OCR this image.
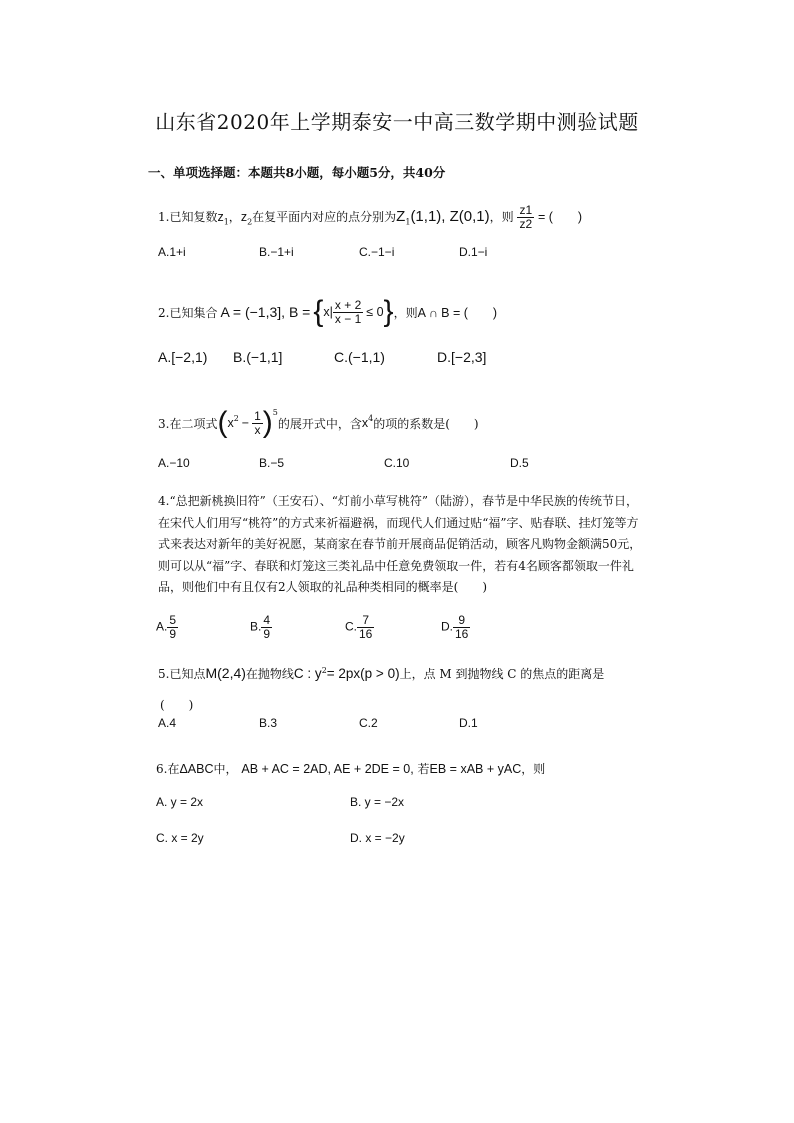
山东省2020年上学期泰安一中高三数学期中测验试题
一、单项选择题：本题共8小题，每小题5分，共40分
1.已知复数$z_1$，$z_2$在复平面内对应的点分别为$Z_1(1,1)$, Z(0,1)，则 $\frac{z1}{z2}$ = (　　)
A.1+i	B.−1+i	C.−1−i	D.1−i
2.已知集合 A = (−1,3], B = { $x| \frac{x + 2}{x - 1} \le 0$ } ，则 A ∩ B = (　　)
A.[−2,1) B.(−1,1]	C.(−1,1)	D.[−2,3]
3.在二项式 ( $x^2 - \frac{1}{x} )^5$
的展开式中，含 $x^4$ 的项的系数是(　　)
A.−10	B.−5	C.10	D.5
4.“总把新桃换旧符”（王安石）、“灯前小草写桃符”（陆游），春节是中华民族的传统节日，在宋代人们用写“桃符”的方式来祈福避祸，而现代人们通过贴“福”字、贴春联、挂灯笼等方式来表达对新年的美好祝愿，某商家在春节前开展商品促销活动，顾客凡购物金额满50元，则可以从“福”字、春联和灯笼这三类礼品中任意免费领取一件，若有4名顾客都领取一件礼品，则他们中有且仅有2人领取的礼品种类相同的概率是(　　)
A. $\frac{5}{9}$	B. $\frac{4}{9}$	C. $\frac{7}{16}$	D. $\frac{9}{16}$
5.已知点M(2,4)在抛物线C : $y^2= 2px(p > 0)$上，点 M 到抛物线 C 的焦点的距离是
(　　)
A.4	B.3	C.2	D.1
6.在ΔABC中， AB + AC = 2AD, AE + 2DE = 0, 若EB = xAB + yAC，则
A. y = 2x	B. y = −2x
C. x = 2y	D. x = −2y
